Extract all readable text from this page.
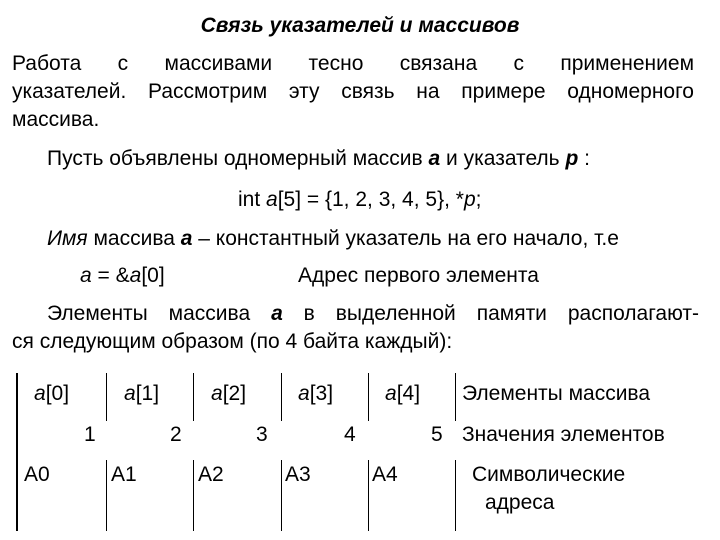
Связь указателей и массивов
Работа с массивами тесно связана с применением
указателей. Рассмотрим эту связь на примере одномерного
массива.
Пусть объявлены одномерный массив a и указатель p :
int a[5] = {1, 2, 3, 4, 5}, *p;
Имя массива a – константный указатель на его начало, т.е
a = &a[0]	Адрес первого элемента
Элементы массива a в выделенной памяти располагают-
ся следующим образом (по 4 байта каждый):
a[0]	a[1] a[2] a[3] a[4] Элементы массива
1	2	3	4	5 Значения элементов
A0	A1	A2	A3	A4	Символические
адреса
